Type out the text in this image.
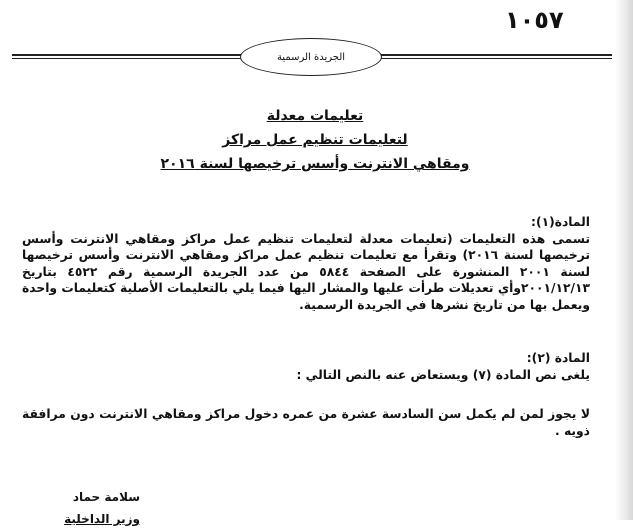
١٠٥٧
الجريدة الرسمية
تعليمات معدلة
لتعليمات تنظيم عمل مراكز
ومقاهي الانترنت وأسس ترخيصها لسنة ٢٠١٦
المادة(١):
تسمى هذه التعليمات (تعليمات معدلة لتعليمات تنظيم عمل مراكز ومقاهي الانترنت وأسس ترخيصها لسنة ٢٠١٦) وتقرأ مع تعليمات تنظيم عمل مراكز ومقاهي الانترنت وأسس ترخيصها لسنة ٢٠٠١ المنشورة على الصفحة ٥٨٤٤ من عدد الجريدة الرسمية رقم ٤٥٢٢ بتاريخ ٢٠٠١/١٢/١٣وأي تعديلات طرأت عليها والمشار اليها فيما يلي بالتعليمات الأصلية كتعليمات واحدة ويعمل بها من تاريخ نشرها في الجريدة الرسمية.
المادة (٢):
يلغى نص المادة (٧) ويستعاض عنه بالنص التالي :
لا يجوز لمن لم يكمل سن السادسة عشرة من عمره دخول مراكز ومقاهي الانترنت دون مرافقة ذويه .
سلامة حماد
وزير الداخلية
